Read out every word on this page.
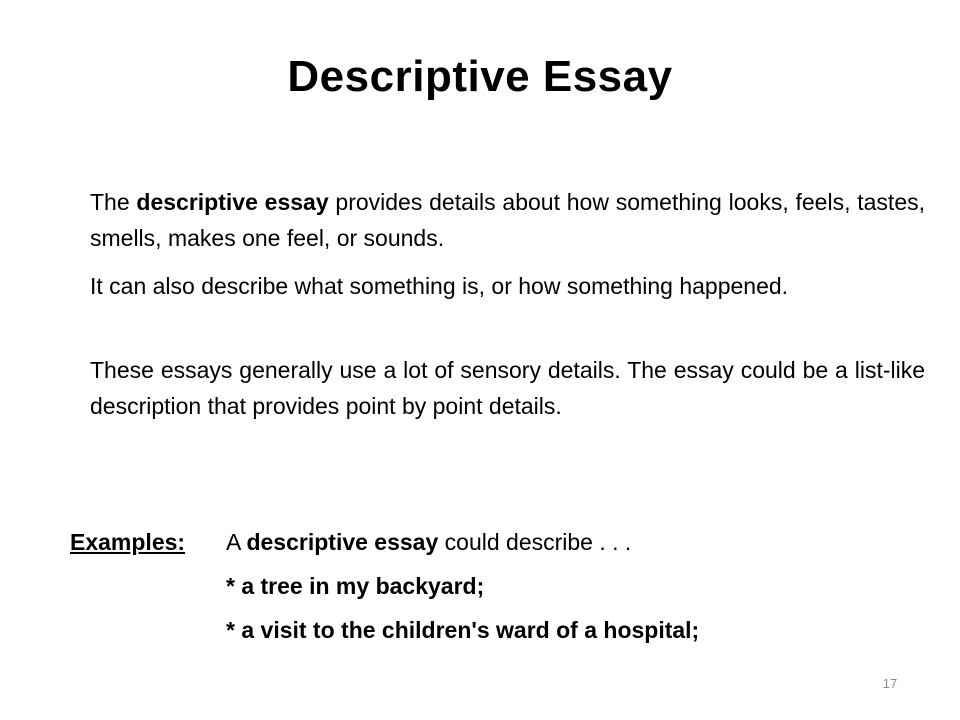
Descriptive Essay
The descriptive essay provides details about how something looks, feels, tastes, smells, makes one feel, or sounds.
It can also describe what something is, or how something happened.
These essays generally use a lot of sensory details. The essay could be a list-like description that provides point by point details.
Examples: A descriptive essay could describe . . .
* a tree in my backyard;
* a visit to the children's ward of a hospital;
17
